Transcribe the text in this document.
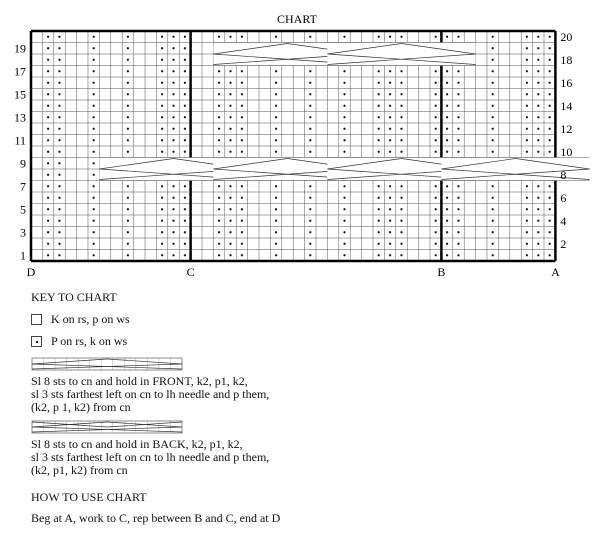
CHART
1
3
5
7
9
11
13
15
17
19
2
4
6
8
10
12
14
16
18
20
D	C	B	A
KEY TO CHART
K on rs, p on ws
P on rs, k on ws
Sl 8 sts to cn and hold in FRONT, k2, p1, k2,
sl 3 sts farthest left on cn to lh needle and p them,
(k2, p 1, k2) from cn
Sl 8 sts to cn and hold in BACK, k2, p1, k2,
sl 3 sts farthest left on cn to lh needle and p them,
(k2, p1, k2) from cn
HOW TO USE CHART
Beg at A, work to C, rep between B and C, end at D
